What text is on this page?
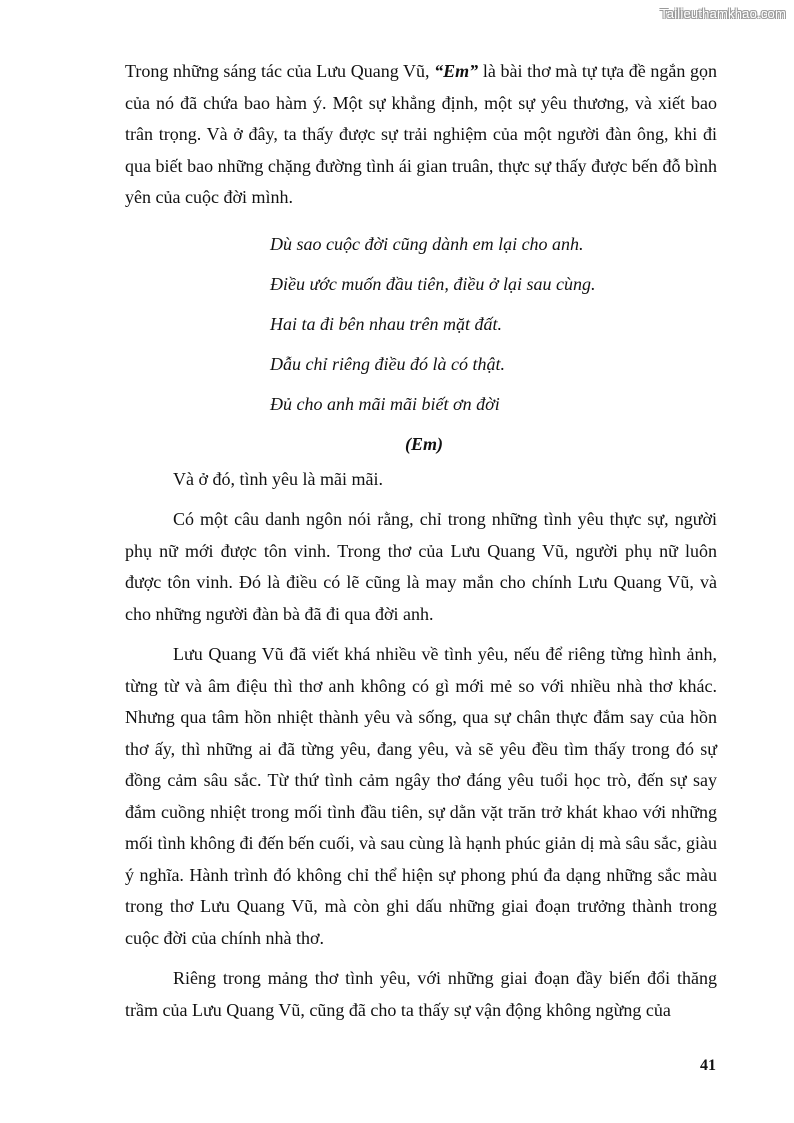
Tailieuthamkhao.com

Trong những sáng tác của Lưu Quang Vũ, “Em” là bài thơ mà tự tựa đề ngắn gọn của nó đã chứa bao hàm ý. Một sự khẳng định, một sự yêu thương, và xiết bao trân trọng. Và ở đây, ta thấy được sự trải nghiệm của một người đàn ông, khi đi qua biết bao những chặng đường tình ái gian truân, thực sự thấy được bến đỗ bình yên của cuộc đời mình.

Dù sao cuộc đời cũng dành em lại cho anh.
Điều ước muốn đầu tiên, điều ở lại sau cùng.
Hai ta đi bên nhau trên mặt đất.
Dẫu chỉ riêng điều đó là có thật.
Đủ cho anh mãi mãi biết ơn đời
(Em)

Và ở đó, tình yêu là mãi mãi.

Có một câu danh ngôn nói rằng, chỉ trong những tình yêu thực sự, người phụ nữ mới được tôn vinh. Trong thơ của Lưu Quang Vũ, người phụ nữ luôn được tôn vinh. Đó là điều có lẽ cũng là may mắn cho chính Lưu Quang Vũ, và cho những người đàn bà đã đi qua đời anh.

Lưu Quang Vũ đã viết khá nhiều về tình yêu, nếu để riêng từng hình ảnh, từng từ và âm điệu thì thơ anh không có gì mới mẻ so với nhiều nhà thơ khác. Nhưng qua tâm hồn nhiệt thành yêu và sống, qua sự chân thực đắm say của hồn thơ ấy, thì những ai đã từng yêu, đang yêu, và sẽ yêu đều tìm thấy trong đó sự đồng cảm sâu sắc. Từ thứ tình cảm ngây thơ đáng yêu tuổi học trò, đến sự say đắm cuồng nhiệt trong mối tình đầu tiên, sự dằn vặt trăn trở khát khao với những mối tình không đi đến bến cuối, và sau cùng là hạnh phúc giản dị mà sâu sắc, giàu ý nghĩa. Hành trình đó không chỉ thể hiện sự phong phú đa dạng những sắc màu trong thơ Lưu Quang Vũ, mà còn ghi dấu những giai đoạn trưởng thành trong cuộc đời của chính nhà thơ.

Riêng trong mảng thơ tình yêu, với những giai đoạn đầy biến đổi thăng trầm của Lưu Quang Vũ, cũng đã cho ta thấy sự vận động không ngừng của

41
